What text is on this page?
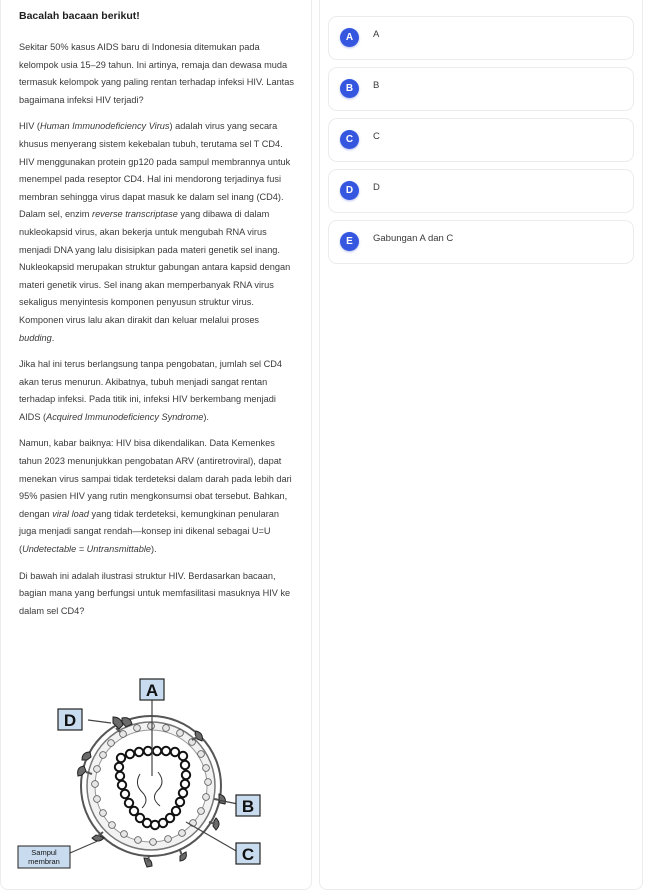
Bacalah bacaan berikut!

Sekitar 50% kasus AIDS baru di Indonesia ditemukan pada kelompok usia 15–29 tahun. Ini artinya, remaja dan dewasa muda termasuk kelompok yang paling rentan terhadap infeksi HIV. Lantas bagaimana infeksi HIV terjadi?

HIV (Human Immunodeficiency Virus) adalah virus yang secara khusus menyerang sistem kekebalan tubuh, terutama sel T CD4. HIV menggunakan protein gp120 pada sampul membrannya untuk menempel pada reseptor CD4. Hal ini mendorong terjadinya fusi membran sehingga virus dapat masuk ke dalam sel inang (CD4). Dalam sel, enzim reverse transcriptase yang dibawa di dalam nukleokapsid virus, akan bekerja untuk mengubah RNA virus menjadi DNA yang lalu disisipkan pada materi genetik sel inang. Nukleokapsid merupakan struktur gabungan antara kapsid dengan materi genetik virus. Sel inang akan memperbanyak RNA virus sekaligus menyintesis komponen penyusun struktur virus. Komponen virus lalu akan dirakit dan keluar melalui proses budding.

Jika hal ini terus berlangsung tanpa pengobatan, jumlah sel CD4 akan terus menurun. Akibatnya, tubuh menjadi sangat rentan terhadap infeksi. Pada titik ini, infeksi HIV berkembang menjadi AIDS (Acquired Immunodeficiency Syndrome).

Namun, kabar baiknya: HIV bisa dikendalikan. Data Kemenkes tahun 2023 menunjukkan pengobatan ARV (antiretroviral), dapat menekan virus sampai tidak terdeteksi dalam darah pada lebih dari 95% pasien HIV yang rutin mengkonsumsi obat tersebut. Bahkan, dengan viral load yang tidak terdeteksi, kemungkinan penularan juga menjadi sangat rendah—konsep ini dikenal sebagai U=U (Undetectable = Untransmittable).

Di bawah ini adalah ilustrasi struktur HIV. Berdasarkan bacaan, bagian mana yang berfungsi untuk memfasilitasi masuknya HIV ke dalam sel CD4?

A
D
B
C
Sampul
membran
A	A
B	B
C	C
D	D
E	Gabungan A dan C
